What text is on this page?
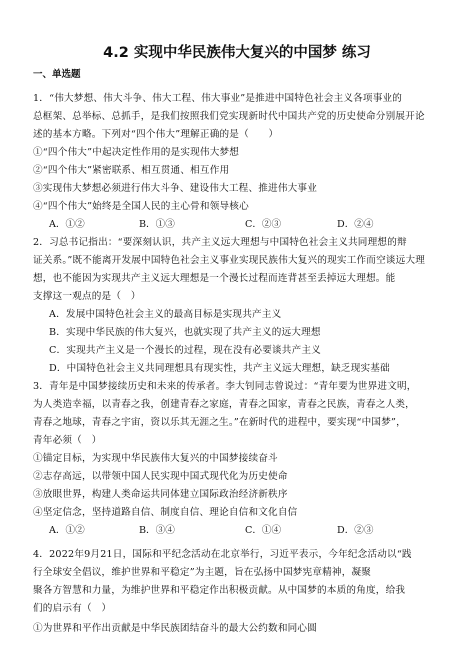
4.2 实现中华民族伟大复兴的中国梦 练习
一、单选题
1．“伟大梦想、伟大斗争、伟大工程、伟大事业”是推进中国特色社会主义各项事业的
总框架、总举标、总抓手，是我们按照我们党实现新时代中国共产党的历史使命分别展开论
述的基本方略。下列对“四个伟大”理解正确的是（　　）
①“四个伟大”中起决定性作用的是实现伟大梦想
②“四个伟大”紧密联系、相互贯通、相互作用
③实现伟大梦想必须进行伟大斗争、建设伟大工程、推进伟大事业
④“四个伟大”始终是全国人民的主心骨和领导核心
A．①②	B．①③	C．②③	D．②④
2．习总书记指出：“要深刻认识，共产主义远大理想与中国特色社会主义共同理想的辩
证关系。”既不能离开发展中国特色社会主义事业实现民族伟大复兴的现实工作而空谈远大理
想，也不能因为实现共产主义远大理想是一个漫长过程而连背甚至丢掉远大理想。能
支撑这一观点的是（　）
A．发展中国特色社会主义的最高目标是实现共产主义
B．实现中华民族的伟大复兴，也就实现了共产主义的远大理想
C．实现共产主义是一个漫长的过程，现在没有必要谈共产主义
D．中国特色社会主义共同理想具有现实性，共产主义远大理想，缺乏现实基础
3．青年是中国梦接续历史和未来的传承者。李大钊同志曾说过：“青年要为世界进文明，
为人类造幸福，以青春之我，创建青春之家庭，青春之国家，青春之民族，青春之人类，
青春之地球，青春之宇宙，资以乐其无涯之生。”在新时代的进程中，要实现“中国梦”，
青年必须（　）
①锚定目标，为实现中华民族伟大复兴的中国梦接续奋斗
②志存高远，以带领中国人民实现中国式现代化为历史使命
③放眼世界，构建人类命运共同体建立国际政治经济新秩序
④坚定信念，坚持道路自信、制度自信、理论自信和文化自信
A．①②	B．③④	C．①④	D．②③
4．2022年9月21日，国际和平纪念活动在北京举行，习近平表示，今年纪念活动以“践
行全球安全倡议，维护世界和平稳定”为主题，旨在弘扬中国梦宪章精神，凝聚
聚各方智慧和力量，为维护世界和平稳定作出积极贡献。从中国梦的本质的角度，给我
们的启示有（　）
①为世界和平作出贡献是中华民族团结奋斗的最大公约数和同心圆
